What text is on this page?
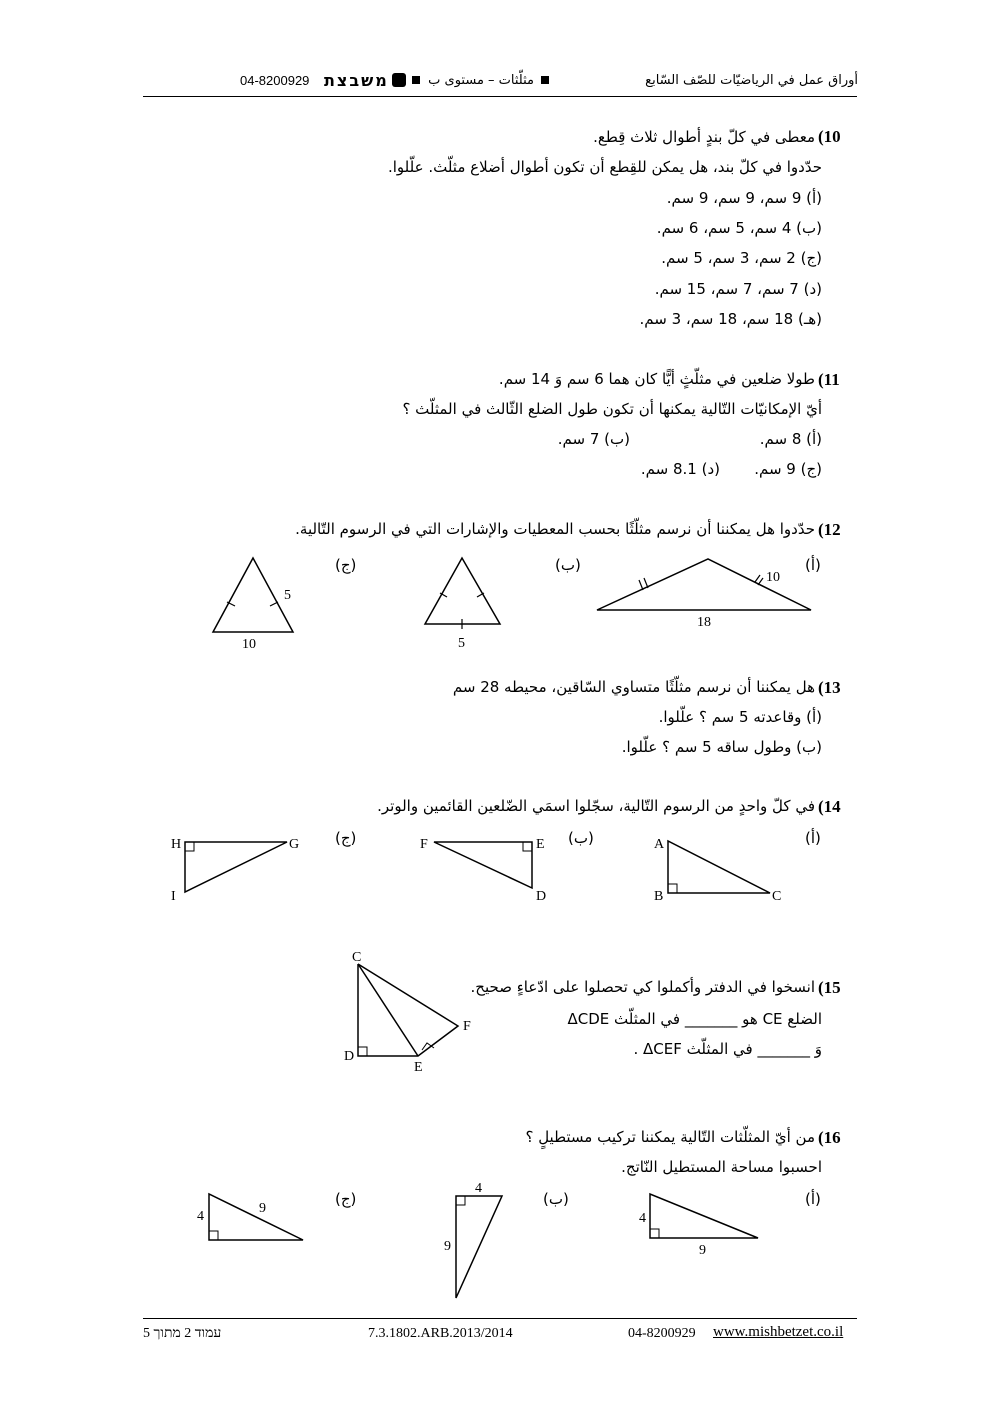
04-8200929 משבצת	مثلّثات – مستوى ب	أوراق عمل في الرياضيّات للصّف السّابع
(10
معطى في كلّ بندٍ أطوال ثلاث قِطع.
حدّدوا في كلّ بند، هل يمكن للقِطع أن تكون أطوال أضلاع مثلّث. علّلوا.
(أ) 9 سم، 9 سم، 9 سم.
(ب) 4 سم، 5 سم، 6 سم.
(ج) 2 سم، 3 سم، 5 سم.
(د) 7 سم، 7 سم، 15 سم.
(هـ) 18 سم، 18 سم، 3 سم.
(11
طولا ضلعين في مثلّثٍ أيًّا كان هما 6 سم وَ 14 سم.
أيّ الإمكانيّات التّالية يمكنها أن تكون طول الضلع الثّالث في المثلّث ؟
(أ) 8 سم.
(ب) 7 سم.
(ج) 9 سم.
(د) 8.1 سم.
(12
حدّدوا هل يمكننا أن نرسم مثلّثًا بحسب المعطيات والإشارات التي في الرسوم التّالية.
(أ)
(ب)
(ج)
10
18
5
5
10
A
B	C
F	E
D
H	G
I
C
D
E
F
4
9
4
9
4
9
(13
هل يمكننا أن نرسم مثلّثًا متساوي السّاقين، محيطه 28 سم
(أ) وقاعدته 5 سم ؟ علّلوا.
(ب) وطول ساقه 5 سم ؟ علّلوا.
(14
في كلّ واحدٍ من الرسوم التّالية، سجّلوا اسمَي الضّلعين القائمين والوتر.
(أ)
(ب)
(ج)
(15
انسخوا في الدفتر وأكملوا كي تحصلوا على ادّعاءٍ صحيح.
الضلع CE هو _______ في المثلّث ΔCDE
وَ _______ في المثلّث ΔCEF .
(16
من أيّ المثلّثات التّالية يمكننا تركيب مستطيلٍ ؟
احسبوا مساحة المستطيل النّاتج.
(أ)
(ب)
(ج)
עמוד 2 מתוך 5	7.3.1802.ARB.2013/2014	04-8200929 www.mishbetzet.co.il
